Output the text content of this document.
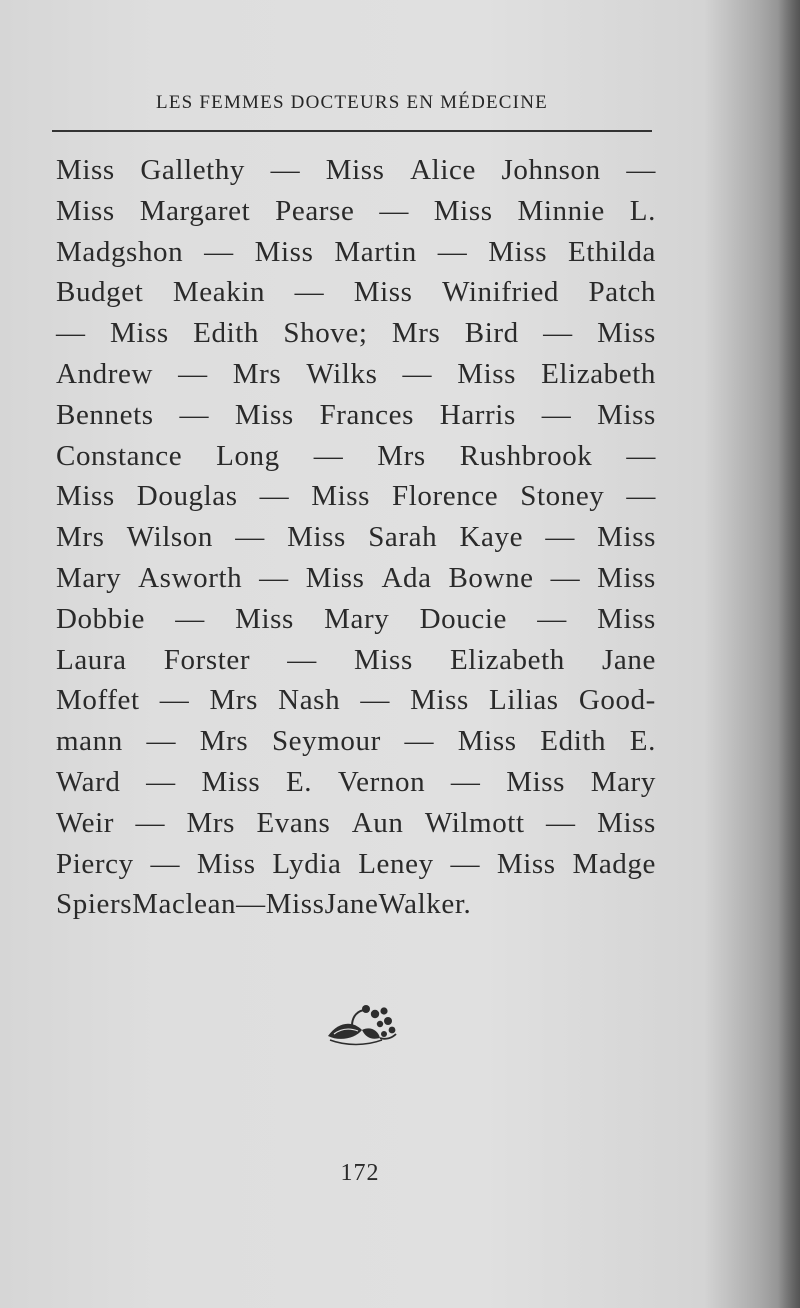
LES FEMMES DOCTEURS EN MÉDECINE
Miss Gallethy — Miss Alice Johnson —
Miss Margaret Pearse — Miss Minnie L.
Madgshon — Miss Martin — Miss Ethilda
Budget Meakin — Miss Winifried Patch
— Miss Edith Shove; Mrs Bird — Miss
Andrew — Mrs Wilks — Miss Elizabeth
Bennets — Miss Frances Harris — Miss
Constance Long — Mrs Rushbrook —
Miss Douglas — Miss Florence Stoney —
Mrs Wilson — Miss Sarah Kaye — Miss
Mary Asworth — Miss Ada Bowne — Miss
Dobbie — Miss Mary Doucie — Miss
Laura Forster — Miss Elizabeth Jane
Moffet — Mrs Nash — Miss Lilias Good-
mann — Mrs Seymour — Miss Edith E.
Ward — Miss E. Vernon — Miss Mary
Weir — Mrs Evans Aun Wilmott — Miss
Piercy — Miss Lydia Leney — Miss Madge
Spiers Maclean — Miss Jane Walker.
172
